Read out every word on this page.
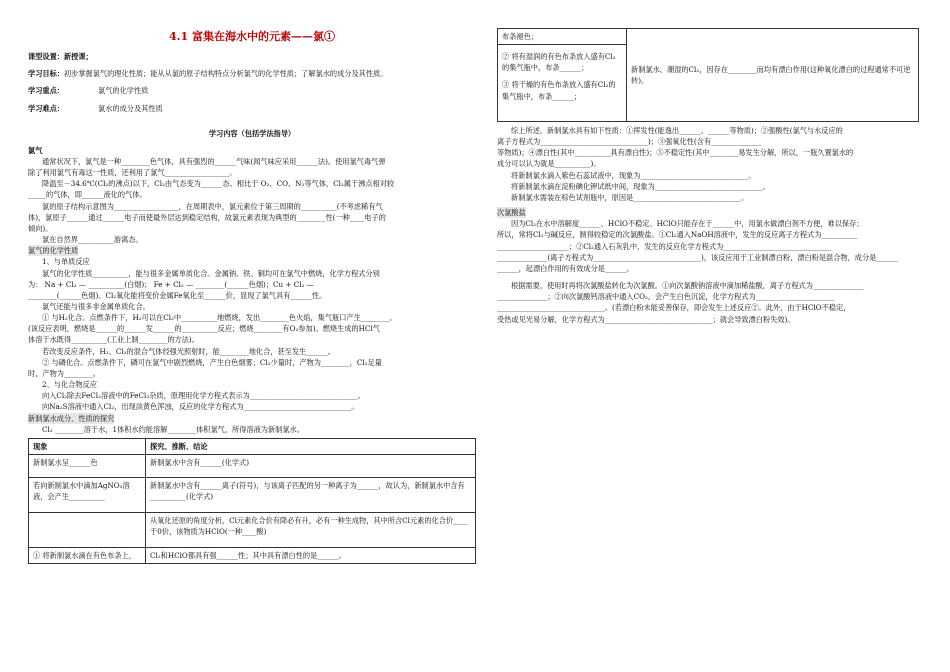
4.1 富集在海水中的元素——氯①
课型设置：新授课；
学习目标：初步掌握氯气的理化性质；能从从氯的原子结构特点分析氯气的化学性质；了解氯水的成分及其性质。
学习重点：	氯气的化学性质
学习难点：	氯水的成分及其性质
学习内容（包括学法指导）
氯气
通常状况下，氯气是一种________色气体，具有强烈的______气味(闻气味应采用______法)。使用氯气毒气弹
除了利用氯气有毒这一性质，还利用了氯气__________________。
降温至－34.6℃(Cl₂的沸点)以下，Cl₂由气态变为______态。相比于 O₂、CO、N₂等气体，Cl₂属于沸点相对较
_____的气体，即______液化的气体。
氯的原子结构示意图为__________________，在周期表中，氯元素位于第三周期的__________(不考虑稀有气
体)，氯原子______通过______电子而使最外层达到稳定结构，故氯元素表现为典型的________性(一种____电子的
倾向)。
氯在自然界__________游离态。
氯气的化学性质
1、与单质反应
氯气的化学性质__________，能与很多金属单质化合。金属钠、铁、铜均可在氯气中燃烧，化学方程式分别
为： Na + Cl₂ — __________(白烟)； Fe + Cl₂ — ________(______色烟)；Cu + Cl₂ —
________(______色烟)。Cl₂氧化能将变价金属Fe氧化至______价，显现了氯气具有______性。
氯气还能与很多非金属单质化合。
① 与H₂化合。点燃条件下，H₂可以在Cl₂中__________地燃烧，发出________色火焰，集气瓶口产生________。
(该反应表明，燃烧是______的______发______的__________反应；燃烧________有O₂参加)。燃烧生成的HCl气
体溶于水既得__________(工业上制________的方法)。
若改变反应条件，H₂、Cl₂的混合气体经强光照射时，能________地化合，甚至发生______。
② 与磷化合。点燃条件下，磷可在氯气中剧烈燃烧，产生白色烟雾；Cl₂少量时，产物为________，Cl₂足量
时，产物为________。
2、与化合物反应
向入Cl₂除去FeCl₂溶液中的FeCl₃杂质，原理用化学方程式表示为______________________________。
向Na₂S溶液中通入Cl₂，出现淡黄色浑浊，反应的化学方程式为______________________________。
新制氯水成分、性质的探究
Cl₂ ________溶于水，1体积水约能溶解________体积氯气，所得溶液为新制氯水。
现象	探究、推断、结论
新制氯水呈______色	新制氯水中含有______(化学式)
若向新制氯水中滴加AgNO₃溶液，会产生__________	新制氯水中含有______离子(符号)，与该离子匹配的另一种离子为______，故认为，新制氯水中含有__________(化学式)
	从氧化还原的角度分析，Cl元素化合价有降必有升，必有一种生成物，其中所含Cl元素的化合价____于0价，该物质为HClO(一种____酸)
① 将新制氯水滴在有色布条上，	Cl₂和HClO都具有强______性；其中具有漂白性的是______。
布条褪色；
② 将有湿润的有色布条放入盛有Cl₂的集气瓶中，布条______；
③ 将干燥的有色布条放入盛有Cl₂的集气瓶中，布条______；
	新制氯水、潮湿的Cl₂，因存在________而均有漂白作用(这种氧化漂白的过程通常不可逆转)。
综上所述，新制氯水具有如下性质：①挥发性(能逸出______、______等物质)；②强酸性(氯气与水反应的
离子方程式为______________________________)；③强氧化性(含有______________
等物质)；④漂白性(其中__________具有漂白性)；⑤不稳定性(其中________易发生分解，所以，一瓶久置氯水的
成分可以认为就是__________)。
将新制氯水滴入紫色石蕊试液中，现象为______________________________。
将新制氯水滴在淀粉碘化钾试纸中间，现象为______________________________。
新制氯水需装在棕色试剂瓶中，原因是______________________________。
次氯酸盐
因为Cl₂在水中溶解度______、HClO不稳定、HClO只能存在于______中，用氯水做漂白剂不方便，难以保存；
所以，常将Cl₂与碱反应，制得较稳定的次氯酸盐。①Cl₂通入NaOH溶液中，发生的反应离子方程式为__________
____________________；②Cl₂通入石灰乳中，发生的反应化学方程式为______________________________
______________(离子方程式为______________________________)，该反应用于工业制漂白粉，漂白粉是混合物，成分是______
______，起漂白作用的有效成分是______。
根据需要，使用时再将次氯酸盐转化为次氯酸。①向次氯酸钠溶液中滴加稀盐酸，离子方程式为______________
______________；②向次氯酸钙溶液中通入CO₂，会产生白色沉淀，化学方程式为______________________
______________________________。(若漂白粉未能妥善保存，即会发生上述反应②。此外，由于HClO不稳定，
受热或见光易分解，化学方程式为______________________________；就会导致漂白粉失效)。
